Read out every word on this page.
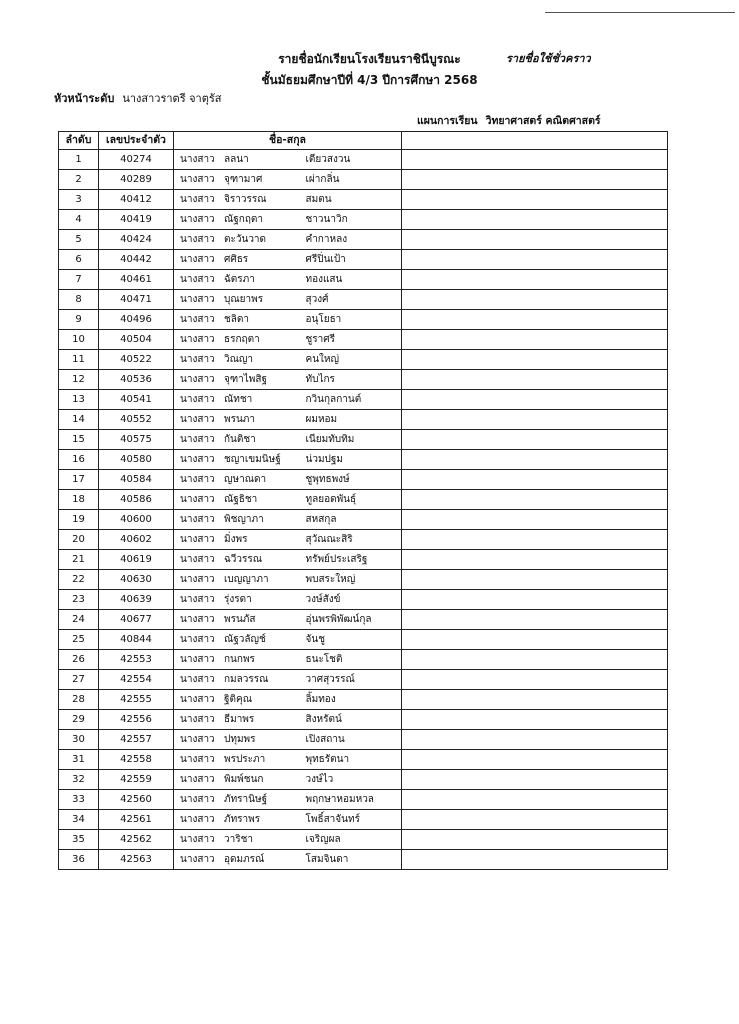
รายชื่อนักเรียนโรงเรียนราชินีบูรณะ
ชั้นมัธยมศึกษาปีที่ 4/3 ปีการศึกษา 2568
รายชื่อใช้ชั่วคราว
หัวหน้าระดับ นางสาวราตรี จาตุรัส
แผนการเรียน วิทยาศาสตร์ คณิตศาสตร์
ลำดับ	เลขประจำตัว	ชื่อ-สกุล		
1	40274	นางสาว ลลนา	เตียวสงวน	
2	40289	นางสาว จุฑามาศ	เผ่ากลิ่น	
3	40412	นางสาว จิราวรรณ	สมตน	
4	40419	นางสาว ณัฐกฤตา	ชาวนาวิก	
5	40424	นางสาว ตะวันวาด	คำกาหลง	
6	40442	นางสาว ศศิธร	ศรีปิ่นเป้า	
7	40461	นางสาว ฉัตรภา	ทองแสน	
8	40471	นางสาว บุณยาพร	สุวงศ์	
9	40496	นางสาว ชลิตา	อนุโยธา	
10	40504	นางสาว ธรกฤตา	ชูราศรี	
11	40522	นางสาว วิณญา	คนใหญ่	
12	40536	นางสาว จุฑาไพสิฐ	ทับไกร	
13	40541	นางสาว ณัทชา	กวินกุลกานต์	
14	40552	นางสาว พรนภา	ผมหอม	
15	40575	นางสาว กันติชา	เนียมทับทิม	
16	40580	นางสาว ชญาเขมนิษฐ์	น่วมปฐม	
17	40584	นางสาว ญษาณดา	ชูพุทธพงษ์	
18	40586	นางสาว ณัฐธิชา	ทูลยอดพันธุ์	
19	40600	นางสาว พิชญาภา	สหสกุล	
20	40602	นางสาว มิ่งพร	สุวัณณะสิริ	
21	40619	นางสาว ฉวีวรรณ	ทรัพย์ประเสริฐ	
22	40630	นางสาว เบญญาภา	พบสระใหญ่	
23	40639	นางสาว รุ่งรดา	วงษ์สังข์	
24	40677	นางสาว พรนภัส	อุ่นพรพิพัฒน์กุล	
25	40844	นางสาว ณัฐวลัญช์	จันชู	
26	42553	นางสาว กนกพร	ธนะโชติ	
27	42554	นางสาว กมลวรรณ	วาศสุวรรณ์	
28	42555	นางสาว ฐิติคุณ	ลิ้มทอง	
29	42556	นางสาว ธีมาพร	สิงหรัตน์	
30	42557	นางสาว ปทุมพร	เปิงสถาน	
31	42558	นางสาว พรประภา	พุทธรัตนา	
32	42559	นางสาว พิมพ์ชนก	วงษ์ไว	
33	42560	นางสาว ภัทรานิษฐ์	พฤกษาหอมหวล	
34	42561	นางสาว ภัทราพร	โพธิ์สาจันทร์	
35	42562	นางสาว วาริชา	เจริญผล	
36	42563	นางสาว อุดมภรณ์	โสมจินดา	
